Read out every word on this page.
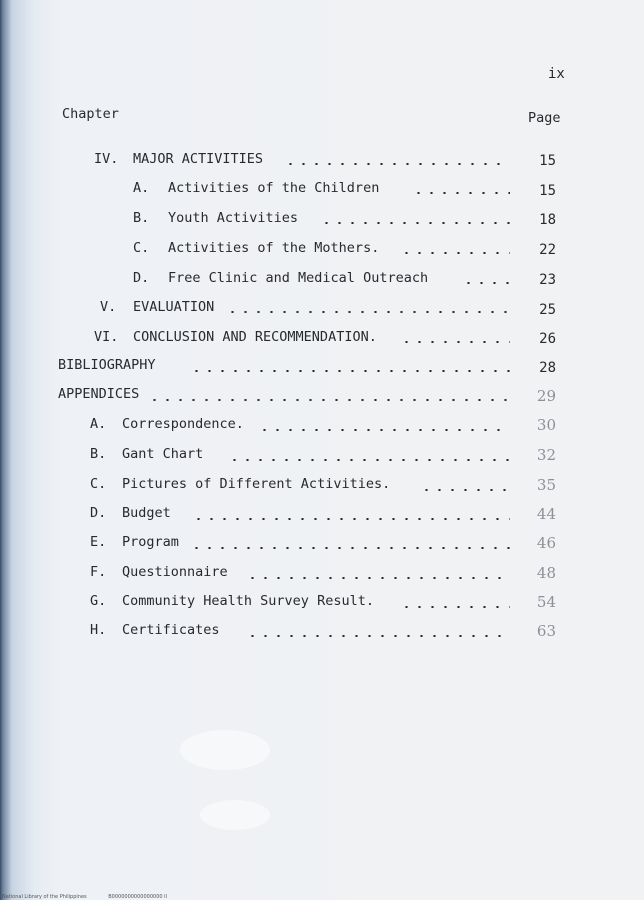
ix
Chapter	Page
IV. MAJOR ACTIVITIES	15
A. Activities of the Children	15
B. Youth Activities	18
C. Activities of the Mothers.	22
D. Free Clinic and Medical Outreach	23
V. EVALUATION	25
VI. CONCLUSION AND RECOMMENDATION.	26
BIBLIOGRAPHY	28
APPENDICES	29
A. Correspondence.	30
B. Gant Chart	32
C. Pictures of Different Activities.	35
D. Budget	44
E. Program	46
F. Questionnaire	48
G. Community Health Survey Result.	54
H. Certificates	63
National Library of the Philippines	B0000000000000000 ll
